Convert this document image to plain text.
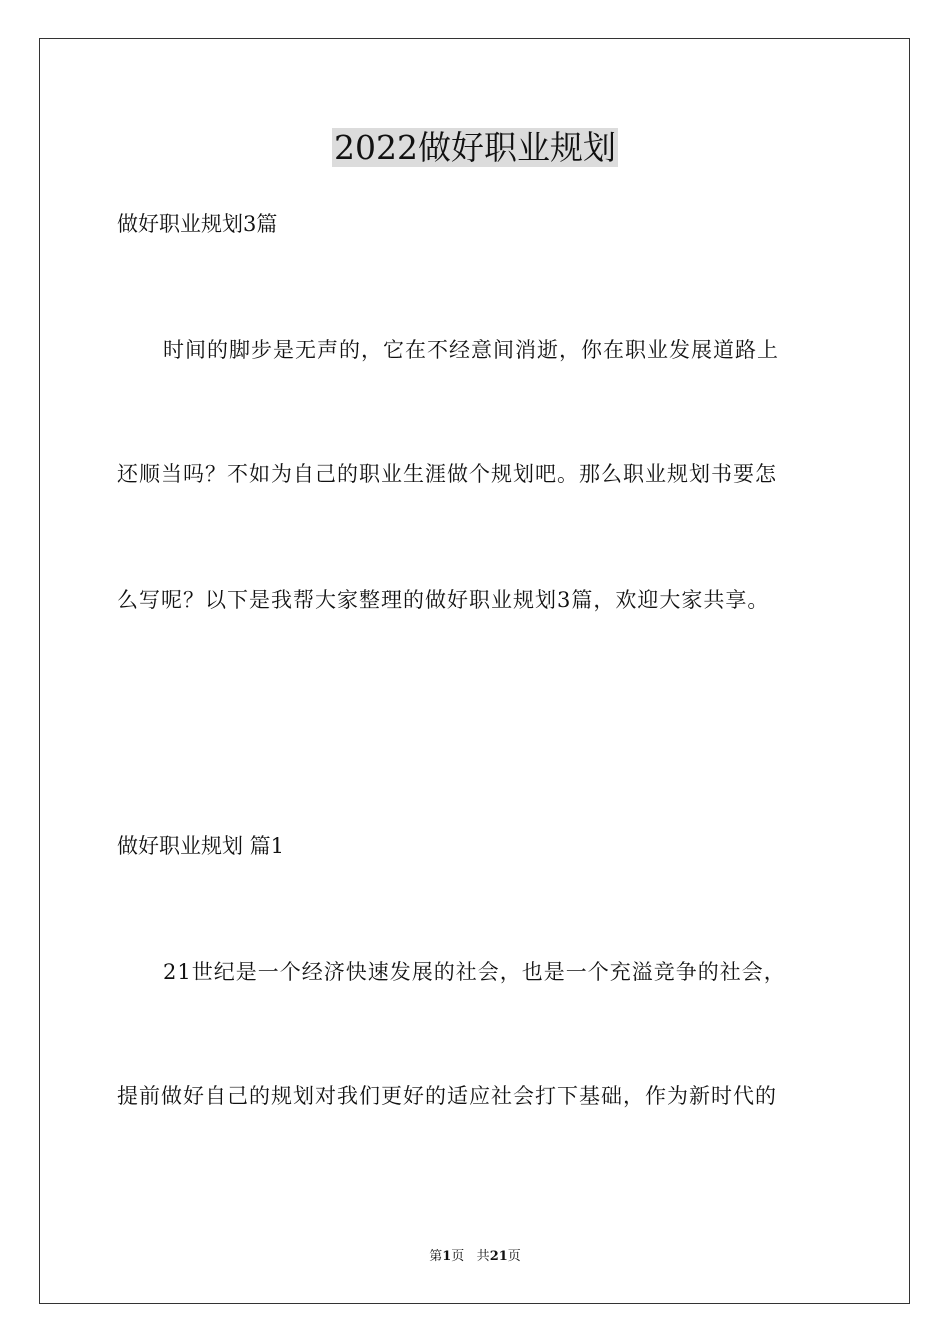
2022做好职业规划

做好职业规划3篇

时间的脚步是无声的，它在不经意间消逝，你在职业发展道路上

还顺当吗？不如为自己的职业生涯做个规划吧。那么职业规划书要怎

么写呢？以下是我帮大家整理的做好职业规划3篇，欢迎大家共享。

做好职业规划 篇1

21世纪是一个经济快速发展的社会，也是一个充溢竞争的社会，

提前做好自己的规划对我们更好的适应社会打下基础，作为新时代的

第1页 共21页
